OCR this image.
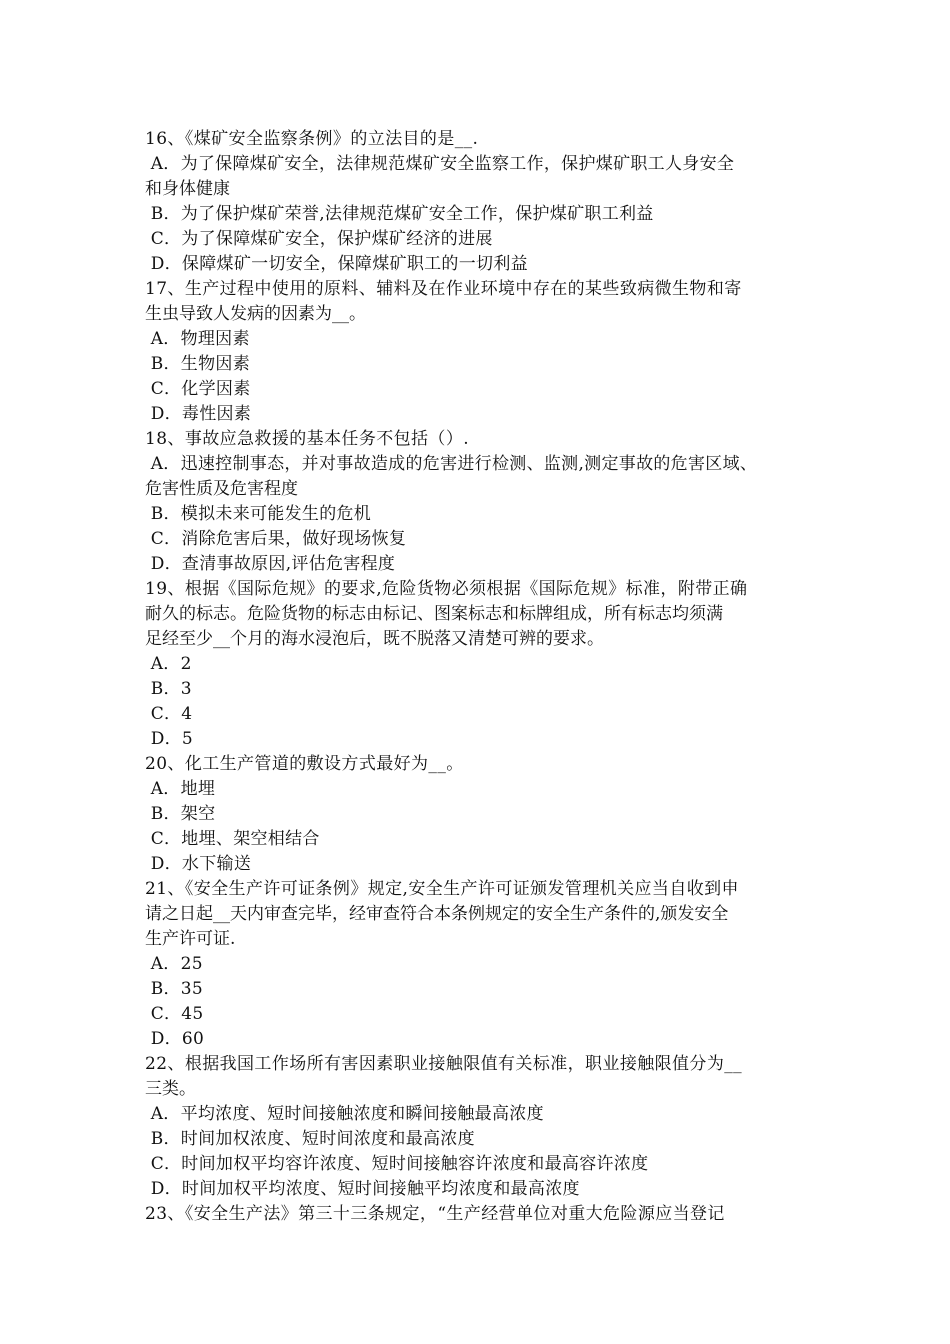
16、《煤矿安全监察条例》的立法目的是__.
A．为了保障煤矿安全，法律规范煤矿安全监察工作，保护煤矿职工人身安全
和身体健康
B．为了保护煤矿荣誉,法律规范煤矿安全工作，保护煤矿职工利益
C．为了保障煤矿安全，保护煤矿经济的进展
D．保障煤矿一切安全，保障煤矿职工的一切利益
17、生产过程中使用的原料、辅料及在作业环境中存在的某些致病微生物和寄
生虫导致人发病的因素为__。
A．物理因素
B．生物因素
C．化学因素
D．毒性因素
18、事故应急救援的基本任务不包括（）.
A．迅速控制事态，并对事故造成的危害进行检测、监测,测定事故的危害区域、
危害性质及危害程度
B．模拟未来可能发生的危机
C．消除危害后果，做好现场恢复
D．查清事故原因,评估危害程度
19、根据《国际危规》的要求,危险货物必须根据《国际危规》标准，附带正确
耐久的标志。危险货物的标志由标记、图案标志和标牌组成，所有标志均须满
足经至少__个月的海水浸泡后，既不脱落又清楚可辨的要求。
A．2
B．3
C．4
D．5
20、化工生产管道的敷设方式最好为__。
A．地埋
B．架空
C．地埋、架空相结合
D．水下输送
21、《安全生产许可证条例》规定,安全生产许可证颁发管理机关应当自收到申
请之日起__天内审查完毕，经审查符合本条例规定的安全生产条件的,颁发安全
生产许可证.
A．25
B．35
C．45
D．60
22、根据我国工作场所有害因素职业接触限值有关标准，职业接触限值分为__
三类。
A．平均浓度、短时间接触浓度和瞬间接触最高浓度
B．时间加权浓度、短时间浓度和最高浓度
C．时间加权平均容许浓度、短时间接触容许浓度和最高容许浓度
D．时间加权平均浓度、短时间接触平均浓度和最高浓度
23、《安全生产法》第三十三条规定，“生产经营单位对重大危险源应当登记
